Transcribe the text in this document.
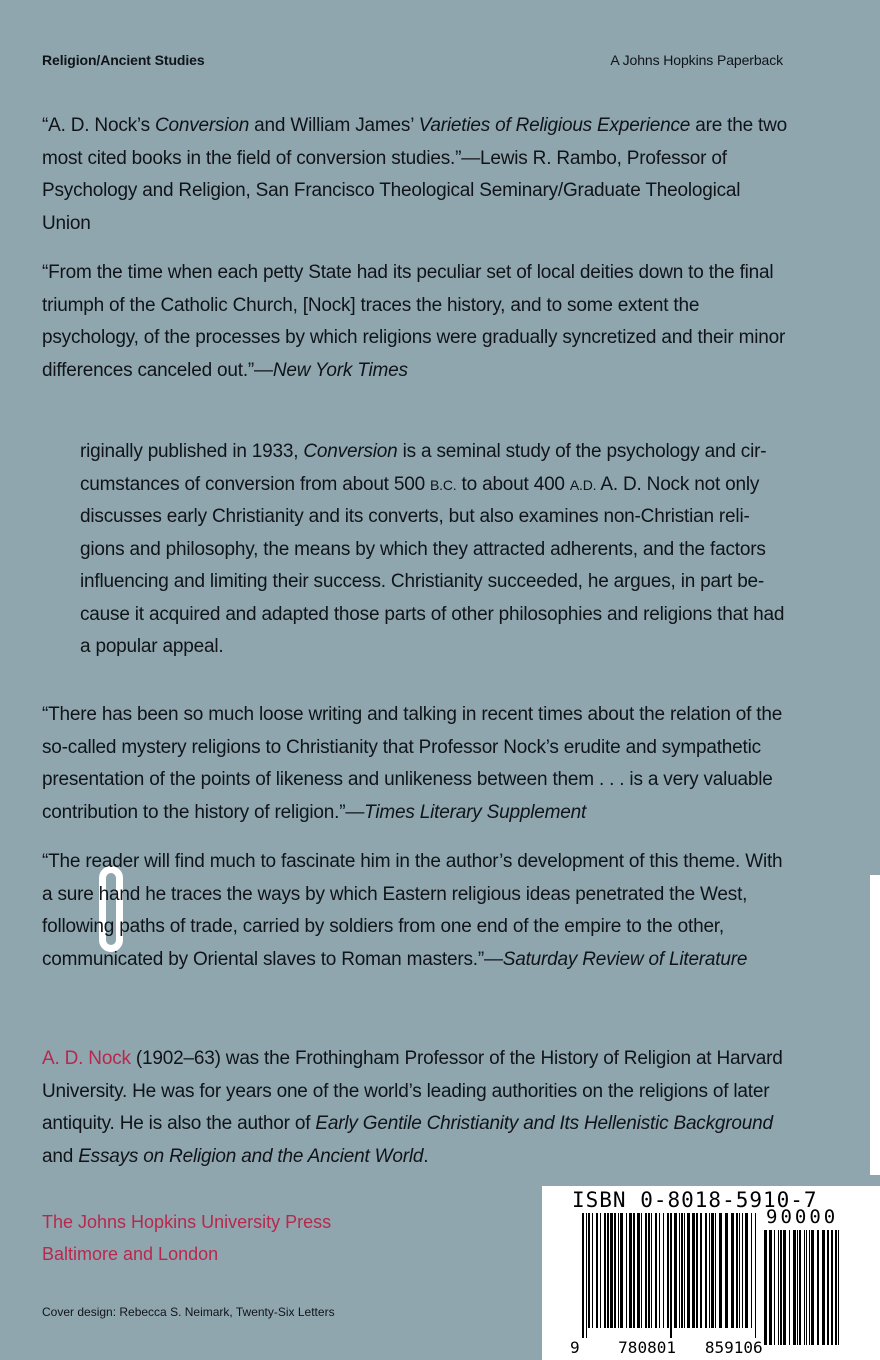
Religion/Ancient Studies	A Johns Hopkins Paperback
“A. D. Nock’s Conversion and William James’ Varieties of Religious Experience are the two most cited books in the field of conversion studies.”—Lewis R. Rambo, Professor of Psychology and Religion, San Francisco Theological Seminary/Graduate Theological Union
“From the time when each petty State had its peculiar set of local deities down to the final triumph of the Catholic Church, [Nock] traces the history, and to some extent the psychology, of the processes by which religions were gradually syncretized and their minor differences canceled out.”—New York Times
riginally published in 1933, Conversion is a seminal study of the psychology and cir-
cumstances of conversion from about 500 B.C. to about 400 A.D. A. D. Nock not only
discusses early Christianity and its converts, but also examines non-Christian reli-
gions and philosophy, the means by which they attracted adherents, and the factors
influencing and limiting their success. Christianity succeeded, he argues, in part be-
cause it acquired and adapted those parts of other philosophies and religions that had
a popular appeal.
“There has been so much loose writing and talking in recent times about the relation of the so-called mystery religions to Christianity that Professor Nock’s erudite and sympathetic presentation of the points of likeness and unlikeness between them . . . is a very valuable contribution to the history of religion.”—Times Literary Supplement
“The reader will find much to fascinate him in the author’s development of this theme. With a sure hand he traces the ways by which Eastern religious ideas penetrated the West, following paths of trade, carried by soldiers from one end of the empire to the other, communicated by Oriental slaves to Roman masters.”—Saturday Review of Literature
A. D. Nock (1902–63) was the Frothingham Professor of the History of Religion at Harvard University. He was for years one of the world’s leading authorities on the religions of later antiquity. He is also the author of Early Gentile Christianity and Its Hellenistic Background and Essays on Religion and the Ancient World.
The Johns Hopkins University Press
Baltimore and London
Cover design: Rebecca S. Neimark, Twenty-Six Letters
ISBN 0-8018-5910-7
90000
9 780801 859106
